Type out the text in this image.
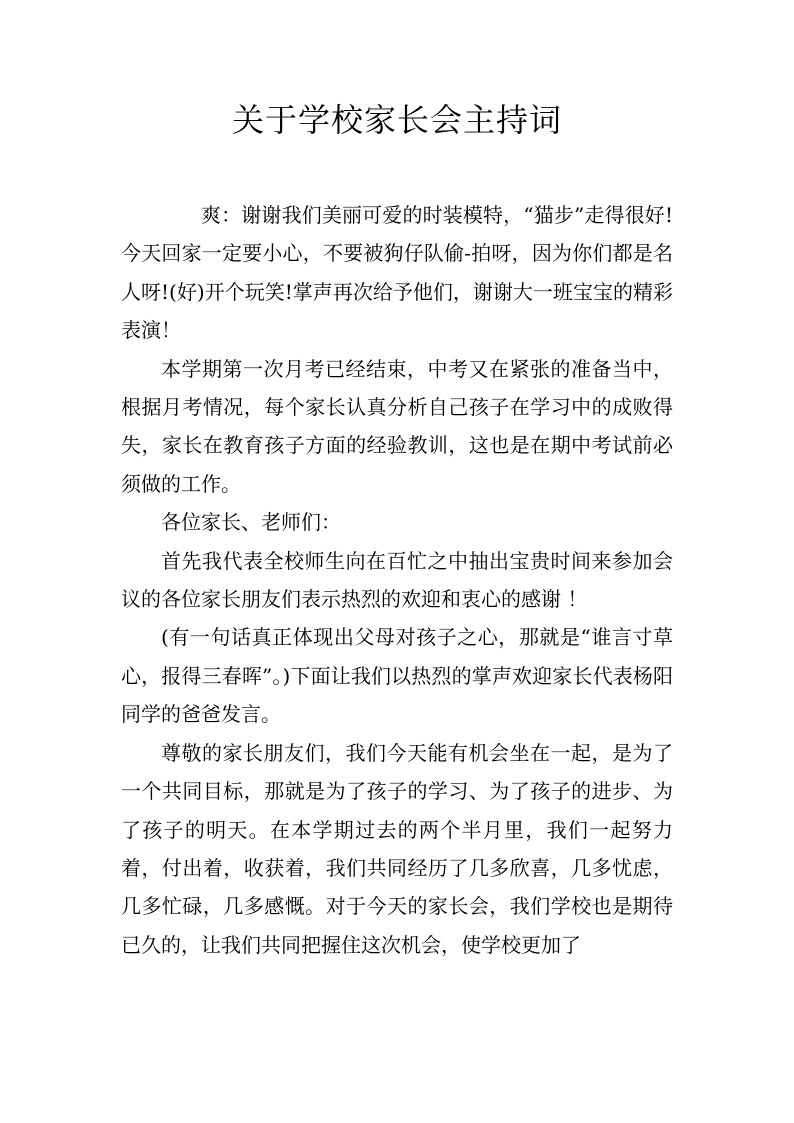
关于学校家长会主持词

爽：谢谢我们美丽可爱的时装模特，“猫步”走得很好!今天回家一定要小心，不要被狗仔队偷-拍呀，因为你们都是名人呀!(好)开个玩笑!掌声再次给予他们，谢谢大一班宝宝的精彩表演！

本学期第一次月考已经结束，中考又在紧张的准备当中，根据月考情况，每个家长认真分析自己孩子在学习中的成败得失，家长在教育孩子方面的经验教训，这也是在期中考试前必须做的工作。

各位家长、老师们：

首先我代表全校师生向在百忙之中抽出宝贵时间来参加会议的各位家长朋友们表示热烈的欢迎和衷心的感谢 ！

(有一句话真正体现出父母对孩子之心，那就是“谁言寸草心，报得三春晖”。)下面让我们以热烈的掌声欢迎家长代表杨阳同学的爸爸发言。

尊敬的家长朋友们，我们今天能有机会坐在一起，是为了一个共同目标，那就是为了孩子的学习、为了孩子的进步、为了孩子的明天。在本学期过去的两个半月里，我们一起努力着，付出着，收获着，我们共同经历了几多欣喜，几多忧虑，几多忙碌，几多感慨。对于今天的家长会，我们学校也是期待已久的，让我们共同把握住这次机会，使学校更加了
